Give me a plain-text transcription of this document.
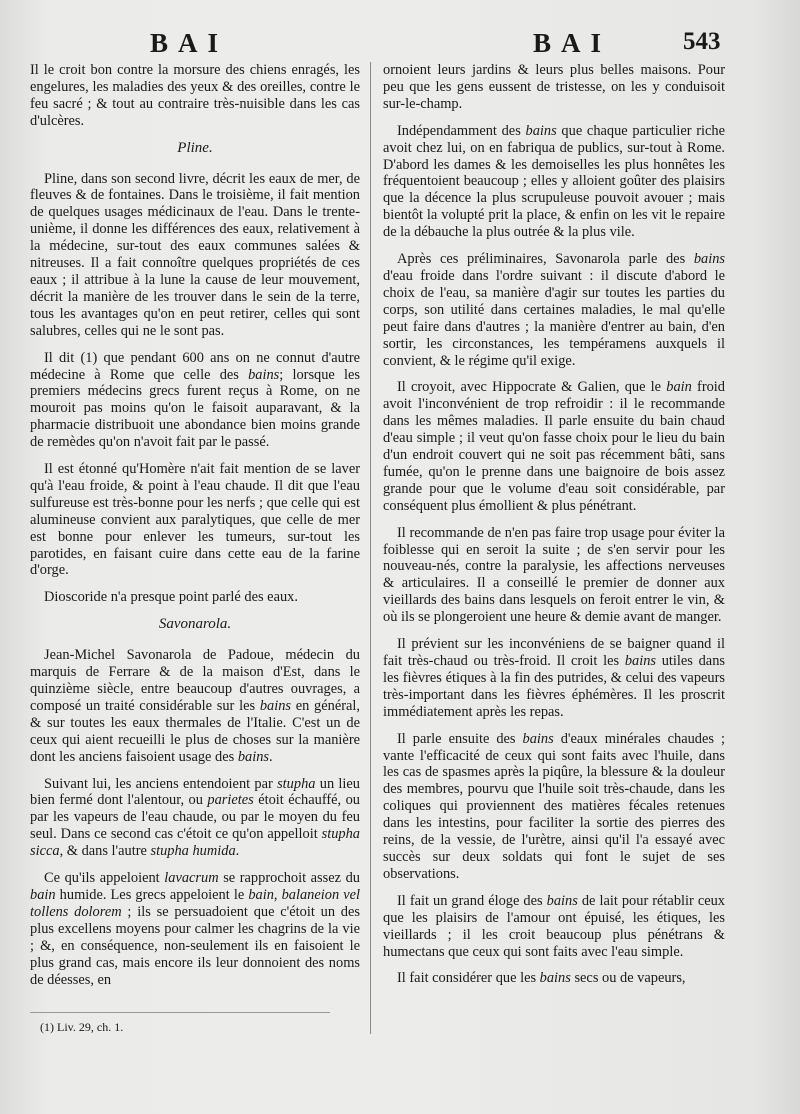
BAI	BAI	543

Il le croit bon contre la morsure des chiens enragés, les engelures, les maladies des yeux & des oreilles, contre le feu sacré ; & tout au contraire très-nuisible dans les cas d'ulcères.

Pline.

Pline, dans son second livre, décrit les eaux de mer, de fleuves & de fontaines. Dans le troisième, il fait mention de quelques usages médicinaux de l'eau. Dans le trente-unième, il donne les différences des eaux, relativement à la médecine, sur-tout des eaux communes salées & nitreuses. Il a fait connoître quelques propriétés de ces eaux ; il attribue à la lune la cause de leur mouvement, décrit la manière de les trouver dans le sein de la terre, tous les avantages qu'on en peut retirer, celles qui sont salubres, celles qui ne le sont pas.

Il dit (1) que pendant 600 ans on ne connut d'autre médecine à Rome que celle des bains; lorsque les premiers médecins grecs furent reçus à Rome, on ne mouroit pas moins qu'on le faisoit auparavant, & la pharmacie distribuoit une abondance bien moins grande de remèdes qu'on n'avoit fait par le passé.

Il est étonné qu'Homère n'ait fait mention de se laver qu'à l'eau froide, & point à l'eau chaude. Il dit que l'eau sulfureuse est très-bonne pour les nerfs ; que celle qui est alumineuse convient aux paralytiques, que celle de mer est bonne pour enlever les tumeurs, sur-tout les parotides, en faisant cuire dans cette eau de la farine d'orge.

Dioscoride n'a presque point parlé des eaux.

Savonarola.

Jean-Michel Savonarola de Padoue, médecin du marquis de Ferrare & de la maison d'Est, dans le quinzième siècle, entre beaucoup d'autres ouvrages, a composé un traité considérable sur les bains en général, & sur toutes les eaux thermales de l'Italie. C'est un de ceux qui aient recueilli le plus de choses sur la manière dont les anciens faisoient usage des bains.

Suivant lui, les anciens entendoient par stupha un lieu bien fermé dont l'alentour, ou parietes étoit échauffé, ou par les vapeurs de l'eau chaude, ou par le moyen du feu seul. Dans ce second cas c'étoit ce qu'on appelloit stupha sicca, & dans l'autre stupha humida.

Ce qu'ils appeloient lavacrum se rapprochoit assez du bain humide. Les grecs appeloient le bain, balaneion vel tollens dolorem ; ils se persuadoient que c'étoit un des plus excellens moyens pour calmer les chagrins de la vie ; &, en conséquence, non-seulement ils en faisoient le plus grand cas, mais encore ils leur donnoient des noms de déesses, en

ornoient leurs jardins & leurs plus belles maisons. Pour peu que les gens eussent de tristesse, on les y conduisoit sur-le-champ.

Indépendamment des bains que chaque particulier riche avoit chez lui, on en fabriqua de publics, sur-tout à Rome. D'abord les dames & les demoiselles les plus honnêtes les fréquentoient beaucoup ; elles y alloient goûter des plaisirs que la décence la plus scrupuleuse pouvoit avouer ; mais bientôt la volupté prit la place, & enfin on les vit le repaire de la débauche la plus outrée & la plus vile.

Après ces préliminaires, Savonarola parle des bains d'eau froide dans l'ordre suivant : il discute d'abord le choix de l'eau, sa manière d'agir sur toutes les parties du corps, son utilité dans certaines maladies, le mal qu'elle peut faire dans d'autres ; la manière d'entrer au bain, d'en sortir, les circonstances, les tempéramens auxquels il convient, & le régime qu'il exige.

Il croyoit, avec Hippocrate & Galien, que le bain froid avoit l'inconvénient de trop refroidir : il le recommande dans les mêmes maladies. Il parle ensuite du bain chaud d'eau simple ; il veut qu'on fasse choix pour le lieu du bain d'un endroit couvert qui ne soit pas récemment bâti, sans fumée, qu'on le prenne dans une baignoire de bois assez grande pour que le volume d'eau soit considérable, par conséquent plus émollient & plus pénétrant.

Il recommande de n'en pas faire trop usage pour éviter la foiblesse qui en seroit la suite ; de s'en servir pour les nouveau-nés, contre la paralysie, les affections nerveuses & articulaires. Il a conseillé le premier de donner aux vieillards des bains dans lesquels on feroit entrer le vin, & où ils se plongeroient une heure & demie avant de manger.

Il prévient sur les inconvéniens de se baigner quand il fait très-chaud ou très-froid. Il croit les bains utiles dans les fièvres étiques à la fin des putrides, & celui des vapeurs très-important dans les fièvres éphémères. Il les proscrit immédiatement après les repas.

Il parle ensuite des bains d'eaux minérales chaudes ; vante l'efficacité de ceux qui sont faits avec l'huile, dans les cas de spasmes après la piqûre, la blessure & la douleur des membres, pourvu que l'huile soit très-chaude, dans les coliques qui proviennent des matières fécales retenues dans les intestins, pour faciliter la sortie des pierres des reins, de la vessie, de l'urètre, ainsi qu'il l'a essayé avec succès sur deux soldats qui font le sujet de ses observations.

Il fait un grand éloge des bains de lait pour rétablir ceux que les plaisirs de l'amour ont épuisé, les étiques, les vieillards ; il les croit beaucoup plus pénétrans & humectans que ceux qui sont faits avec l'eau simple.

Il fait considérer que les bains secs ou de vapeurs,

(1) Liv. 29, ch. 1.
